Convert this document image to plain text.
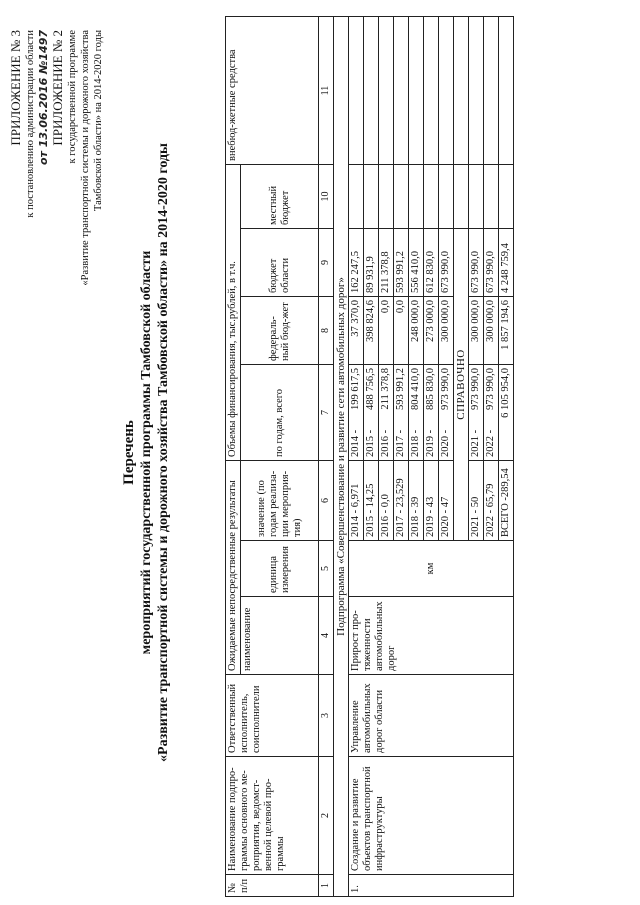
ПРИЛОЖЕНИЕ № 3 к постановлению администрации области от 13.06.2016 №1497 ПРИЛОЖЕНИЕ № 2 к государственной программе «Развитие транспортной системы и дорожного хозяйства Тамбовской области» на 2014-2020 годы
Перечень мероприятий государственной программы Тамбовской области «Развитие транспортной системы и дорожного хозяйства Тамбовской области» на 2014-2020 годы
№ п/п	Наименование подпро-граммы основного ме-роприятия, ведомст-венной целевой про-граммы	Ответственный исполнитель, соисполнители	Ожидаемые непосредственные результаты			Объемы финансирования, тыс.рублей, в т.ч.					внебюд-жетные средства
			наименование	единица измерения	значение (по годам реализа-ции мероприя-тия)	по годам, всего		федераль-ный бюд-жет	бюджет области	местный бюджет	
1	2	3	4	5	6	7		8	9	10	11
Подпрограмма «Совершенствование и развитие сети автомобильных дорог»											
1.	Создание и развитие объектов транспортной инфраструктуры	Управление автомобильных дорог области	Прирост про-тяженности автомобильных дорог	км	2014 - 6,971	2014 -	199 617,5	37 370,0	162 247,5		
					2015 - 14,25	2015 -	488 756,5	398 824,6	89 931,9		
					2016 - 0,0	2016 -	211 378,8	0,0	211 378,8		
					2017 - 23,529	2017 -	593 991,2	0,0	593 991,2		
					2018 - 39	2018 -	804 410,0	248 000,0	556 410,0		
					2019 - 43	2019 -	885 830,0	273 000,0	612 830,0		
					2020 - 47	2020 -	973 990,0	300 000,0	673 990,0		
					СПРАВОЧНО						
					2021 - 50	2021 -	973 990,0	300 000,0	673 990,0		
					2022 - 65,79	2022 -	973 990,0	300 000,0	673 990,0		
					ВСЕГО -289,54	6 105 954,0		1 857 194,6	4 248 759,4		
